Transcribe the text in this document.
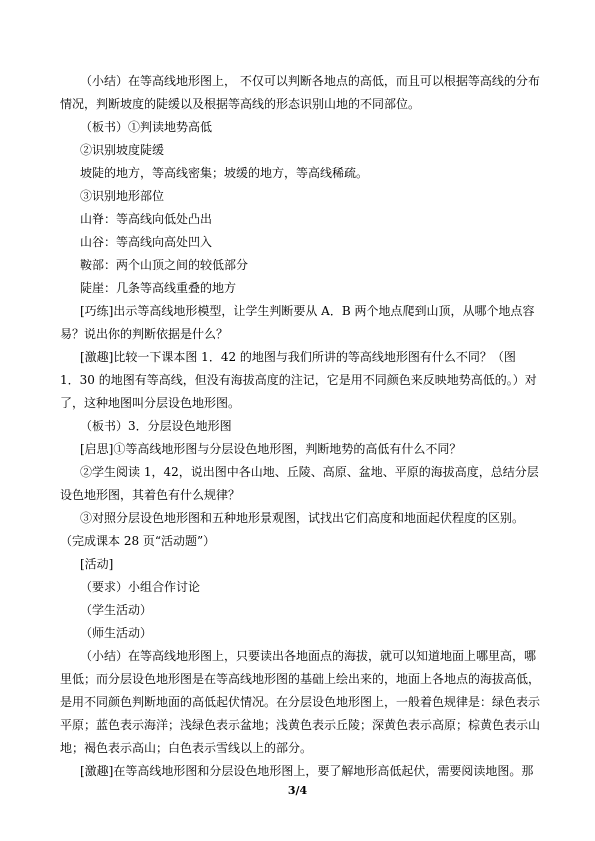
（小结）在等高线地形图上， 不仅可以判断各地点的高低，而且可以根据等高线的分布
情况，判断坡度的陡缓以及根据等高线的形态识别山地的不同部位。
（板书）①判读地势高低
②识别坡度陡缓
坡陡的地方，等高线密集；坡缓的地方，等高线稀疏。
③识别地形部位
山脊：等高线向低处凸出
山谷：等高线向高处凹入
鞍部：两个山顶之间的较低部分
陡崖：几条等高线重叠的地方
[巧练]出示等高线地形模型，让学生判断要从 A．B 两个地点爬到山顶，从哪个地点容
易？说出你的判断依据是什么？
[激趣]比较一下课本图 1．42 的地图与我们所讲的等高线地形图有什么不同？（图
1．30 的地图有等高线，但没有海拔高度的注记，它是用不同颜色来反映地势高低的。）对
了，这种地图叫分层设色地形图。
（板书）3．分层设色地形图
[启思]①等高线地形图与分层设色地形图，判断地势的高低有什么不同？
②学生阅读 1，42，说出图中各山地、丘陵、高原、盆地、平原的海拔高度，总结分层
设色地形图，其着色有什么规律？
③对照分层设色地形图和五种地形景观图，试找出它们高度和地面起伏程度的区别。
（完成课本 28 页“活动题”）
[活动]
（要求）小组合作讨论
（学生活动）
（师生活动）
（小结）在等高线地形图上，只要读出各地面点的海拔，就可以知道地面上哪里高，哪
里低；而分层设色地形图是在等高线地形图的基础上绘出来的，地面上各地点的海拔高低，
是用不同颜色判断地面的高低起伏情况。在分层设色地形图上，一般着色规律是：绿色表示
平原；蓝色表示海洋；浅绿色表示盆地；浅黄色表示丘陵；深黄色表示高原；棕黄色表示山
地；褐色表示高山；白色表示雪线以上的部分。
[激趣]在等高线地形图和分层设色地形图上，要了解地形高低起伏，需要阅读地图。那
3/4
